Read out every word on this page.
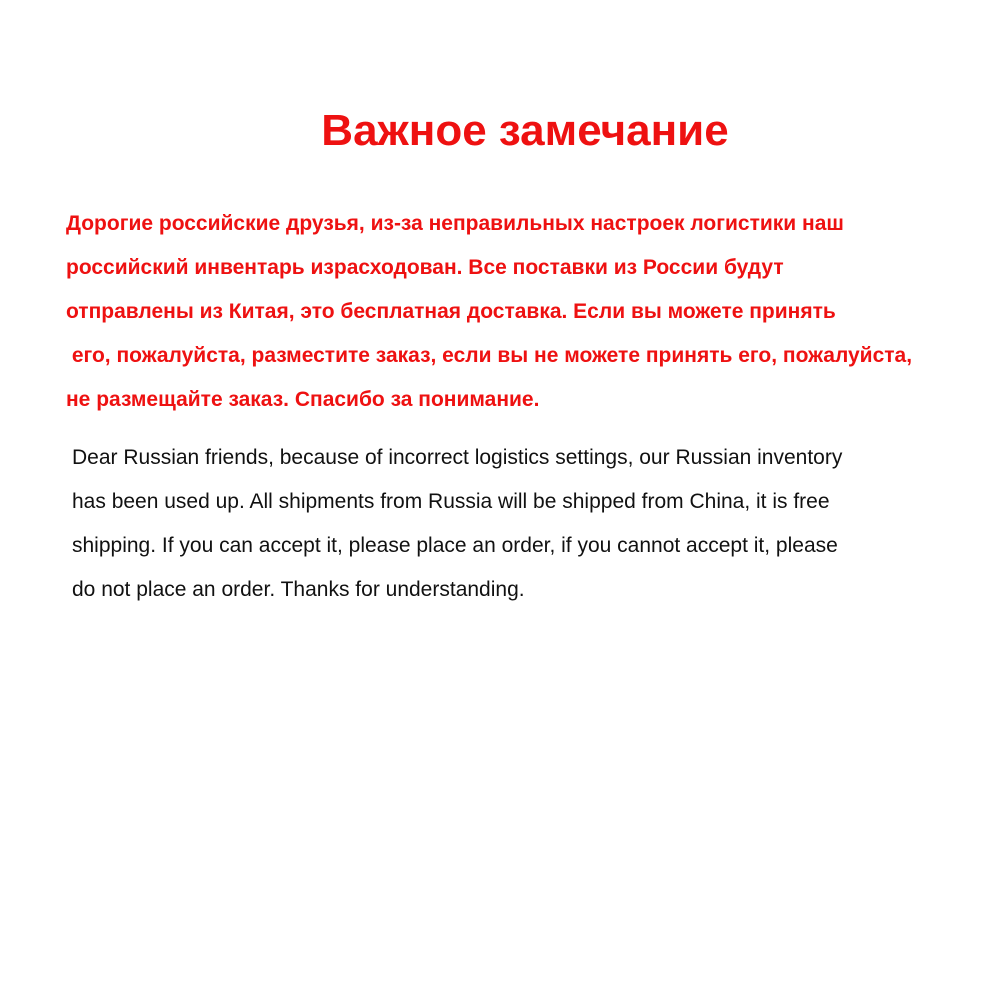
Важное замечание
Дорогие российские друзья, из-за неправильных настроек логистики наш
российский инвентарь израсходован. Все поставки из России будут
отправлены из Китая, это бесплатная доставка. Если вы можете принять
его, пожалуйста, разместите заказ, если вы не можете принять его, пожалуйста,
не размещайте заказ. Спасибо за понимание.
Dear Russian friends, because of incorrect logistics settings, our Russian inventory
has been used up. All shipments from Russia will be shipped from China, it is free
shipping. If you can accept it, please place an order, if you cannot accept it, please
do not place an order. Thanks for understanding.
